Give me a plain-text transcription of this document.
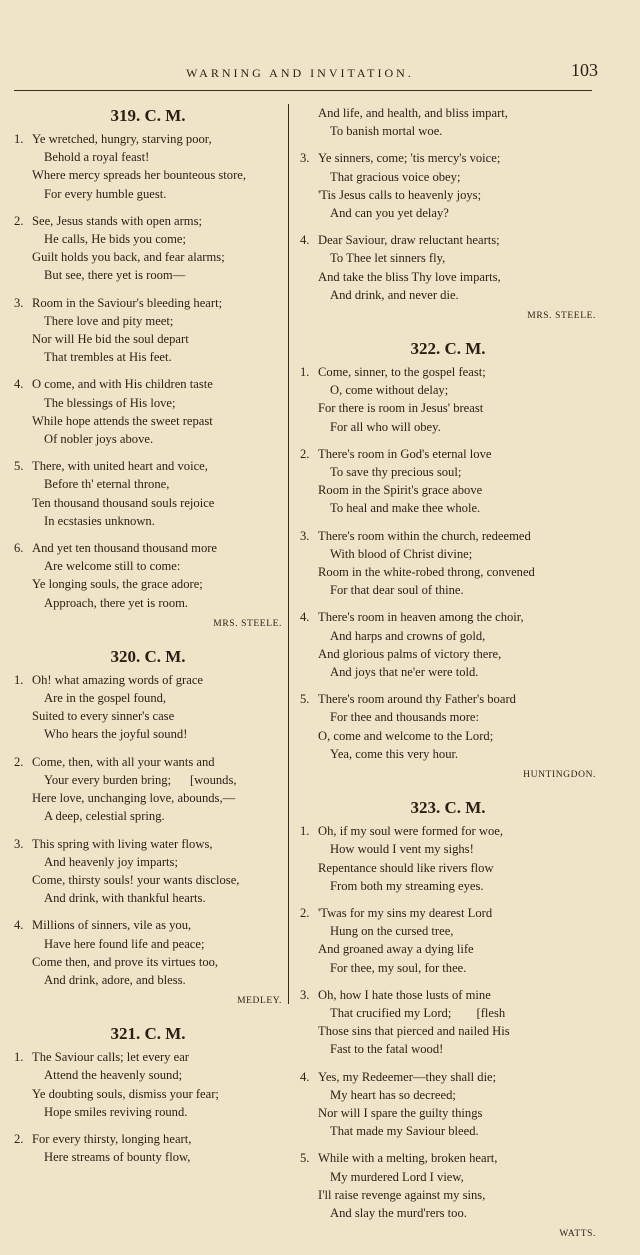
WARNING AND INVITATION.	103
319. C. M.
1. Ye wretched, hungry, starving poor,
Behold a royal feast!
Where mercy spreads her bounteous store,
For every humble guest.
2. See, Jesus stands with open arms;
He calls, He bids you come;
Guilt holds you back, and fear alarms;
But see, there yet is room—
3. Room in the Saviour's bleeding heart;
There love and pity meet;
Nor will He bid the soul depart
That trembles at His feet.
4. O come, and with His children taste
The blessings of His love;
While hope attends the sweet repast
Of nobler joys above.
5. There, with united heart and voice,
Before th' eternal throne,
Ten thousand thousand souls rejoice
In ecstasies unknown.
6. And yet ten thousand thousand more
Are welcome still to come:
Ye longing souls, the grace adore;
Approach, there yet is room.
MRS. STEELE.
320. C. M.
1. Oh! what amazing words of grace
Are in the gospel found,
Suited to every sinner's case
Who hears the joyful sound!
2. Come, then, with all your wants and
Your every burden bring;      [wounds,
Here love, unchanging love, abounds,—
A deep, celestial spring.
3. This spring with living water flows,
And heavenly joy imparts;
Come, thirsty souls! your wants disclose,
And drink, with thankful hearts.
4. Millions of sinners, vile as you,
Have here found life and peace;
Come then, and prove its virtues too,
And drink, adore, and bless.
MEDLEY.
321. C. M.
1. The Saviour calls; let every ear
Attend the heavenly sound;
Ye doubting souls, dismiss your fear;
Hope smiles reviving round.
2. For every thirsty, longing heart,
Here streams of bounty flow,
And life, and health, and bliss impart,
To banish mortal woe.
3. Ye sinners, come; 'tis mercy's voice;
That gracious voice obey;
'Tis Jesus calls to heavenly joys;
And can you yet delay?
4. Dear Saviour, draw reluctant hearts;
To Thee let sinners fly,
And take the bliss Thy love imparts,
And drink, and never die.
MRS. STEELE.
322. C. M.
1. Come, sinner, to the gospel feast;
O, come without delay;
For there is room in Jesus' breast
For all who will obey.
2. There's room in God's eternal love
To save thy precious soul;
Room in the Spirit's grace above
To heal and make thee whole.
3. There's room within the church, redeemed
With blood of Christ divine;
Room in the white-robed throng, convened
For that dear soul of thine.
4. There's room in heaven among the choir,
And harps and crowns of gold,
And glorious palms of victory there,
And joys that ne'er were told.
5. There's room around thy Father's board
For thee and thousands more:
O, come and welcome to the Lord;
Yea, come this very hour.
HUNTINGDON.
323. C. M.
1. Oh, if my soul were formed for woe,
How would I vent my sighs!
Repentance should like rivers flow
From both my streaming eyes.
2. 'Twas for my sins my dearest Lord
Hung on the cursed tree,
And groaned away a dying life
For thee, my soul, for thee.
3. Oh, how I hate those lusts of mine
That crucified my Lord;        [flesh
Those sins that pierced and nailed His
Fast to the fatal wood!
4. Yes, my Redeemer—they shall die;
My heart has so decreed;
Nor will I spare the guilty things
That made my Saviour bleed.
5. While with a melting, broken heart,
My murdered Lord I view,
I'll raise revenge against my sins,
And slay the murd'rers too.
WATTS.
